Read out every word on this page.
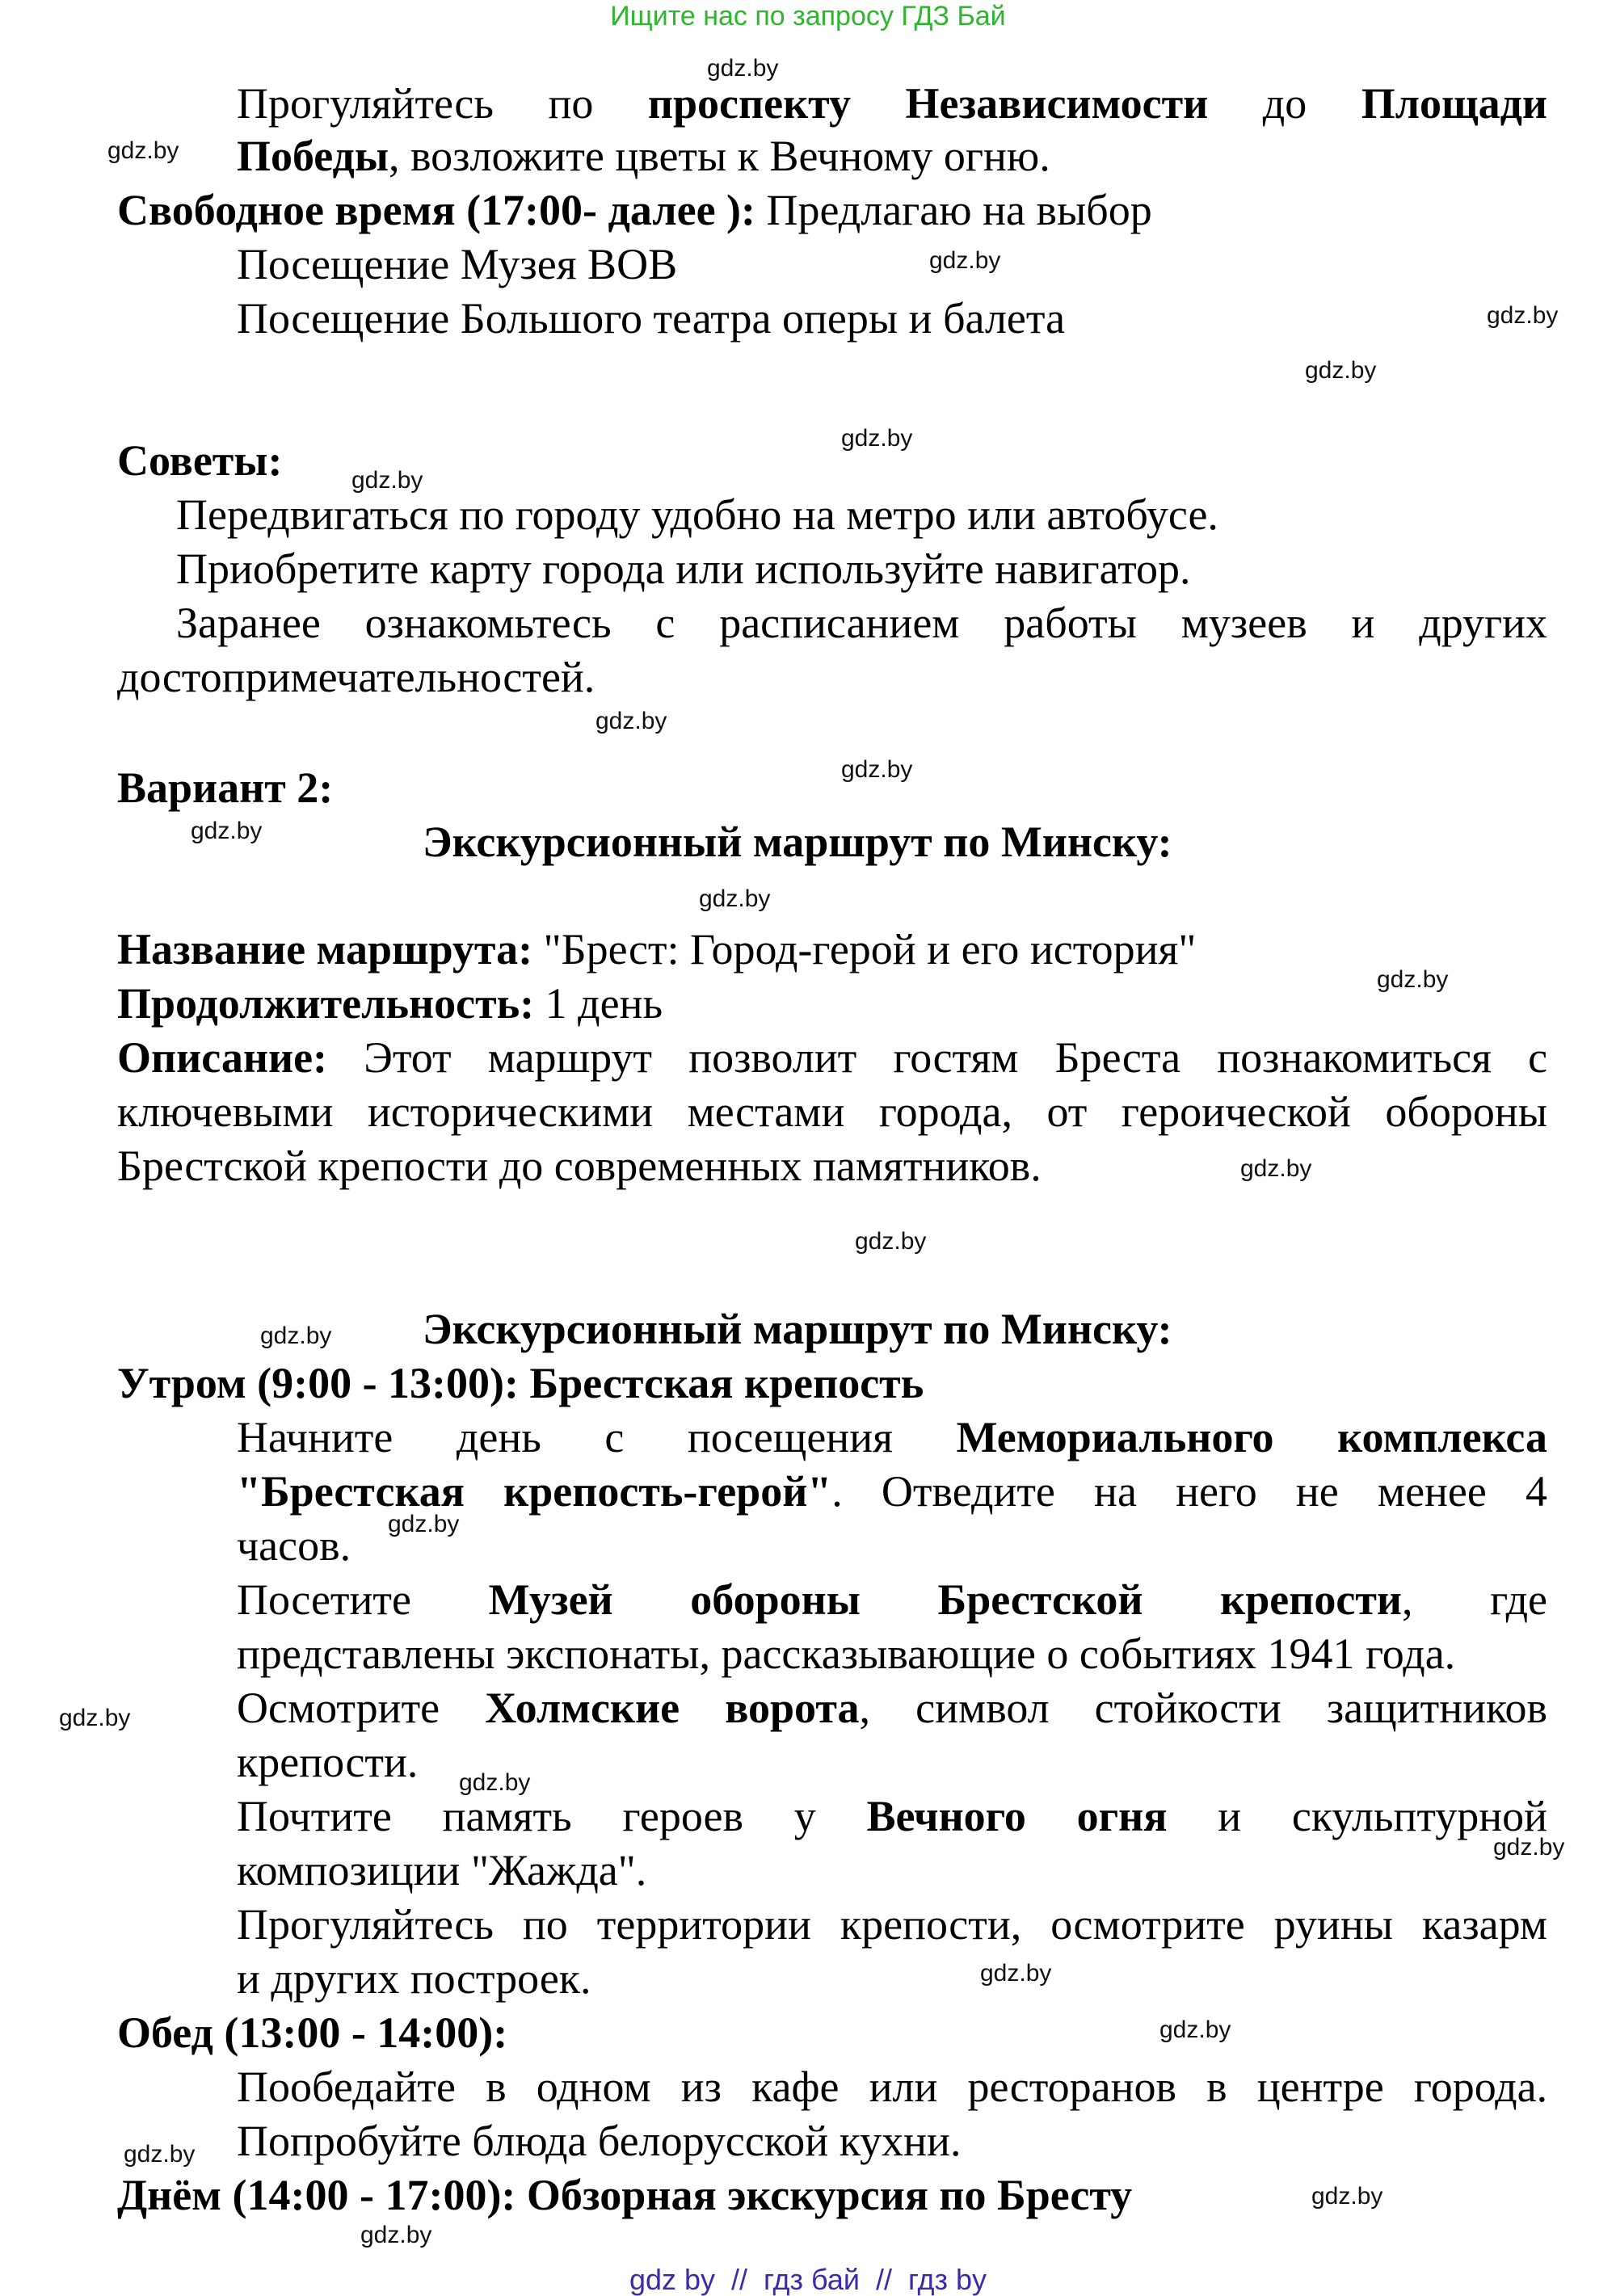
Ищите нас по запросу ГДЗ Бай
Прогуляйтесь по проспекту Независимости до Площади
Победы, возложите цветы к Вечному огню.
Свободное время (17:00- далее ): Предлагаю на выбор
Посещение Музея ВОВ
Посещение Большого театра оперы и балета
Советы:
Передвигаться по городу удобно на метро или автобусе.
Приобретите карту города или используйте навигатор.
Заранее ознакомьтесь с расписанием работы музеев и других
достопримечательностей.
Вариант 2:
Экскурсионный маршрут по Минску:
Название маршрута: "Брест: Город-герой и его история"
Продолжительность: 1 день
Описание: Этот маршрут позволит гостям Бреста познакомиться с
ключевыми историческими местами города, от героической обороны
Брестской крепости до современных памятников.
Экскурсионный маршрут по Минску:
Утром (9:00 - 13:00): Брестская крепость
Начните день с посещения Мемориального комплекса
"Брестская крепость-герой". Отведите на него не менее 4
часов.
Посетите Музей обороны Брестской крепости, где
представлены экспонаты, рассказывающие о событиях 1941 года.
Осмотрите Холмские ворота, символ стойкости защитников
крепости.
Почтите память героев у Вечного огня и скульптурной
композиции "Жажда".
Прогуляйтесь по территории крепости, осмотрите руины казарм
и других построек.
Обед (13:00 - 14:00):
Пообедайте в одном из кафе или ресторанов в центре города.
Попробуйте блюда белорусской кухни.
Днём (14:00 - 17:00): Обзорная экскурсия по Бресту
gdz.by
gdz.by
gdz.by
gdz.by
gdz.by
gdz.by
gdz.by
gdz.by
gdz.by
gdz.by
gdz.by
gdz.by
gdz.by
gdz.by
gdz.by
gdz.by
gdz.by
gdz.by
gdz.by
gdz.by
gdz.by
gdz.by
gdz.by
gdz.by
gdz by  //  гдз бай  //  гдз by
